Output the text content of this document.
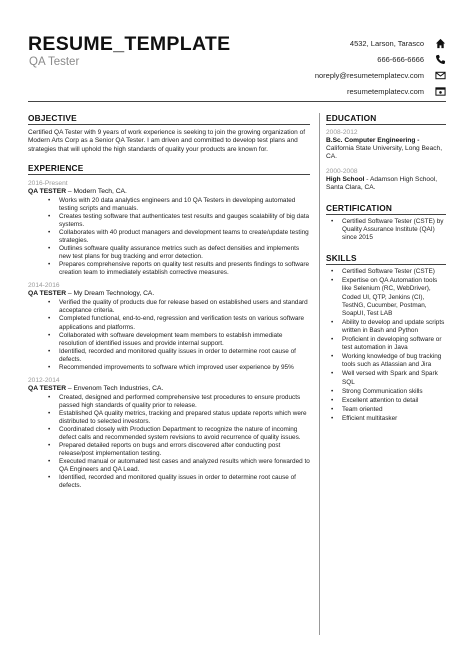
RESUME_TEMPLATE
QA Tester
4532, Larson, Tarasco
666-666-6666
noreply@resumetemplatecv.com
resumetemplatecv.com
OBJECTIVE
Certified QA Tester with 9 years of work experience is seeking to join the growing organization of Modern Arts Corp as a Senior QA Tester. I am driven and committed to develop test plans and strategies that will uphold the high standards of quality your products are known for.
EXPERIENCE
2016-Present
QA TESTER – Modern Tech, CA.
• Works with 20 data analytics engineers and 10 QA Testers in developing automated testing scripts and manuals.
• Creates testing software that authenticates test results and gauges scalability of big data systems.
• Collaborates with 40 product managers and development teams to create/update testing strategies.
• Outlines software quality assurance metrics such as defect densities and implements new test plans for bug tracking and error detection.
• Prepares comprehensive reports on quality test results and presents findings to software creation team to immediately establish corrective measures.
2014-2016
QA TESTER – My Dream Technology, CA.
• Verified the quality of products due for release based on established users and standard acceptance criteria.
• Completed functional, end-to-end, regression and verification tests on various software applications and platforms.
• Collaborated with software development team members to establish immediate resolution of identified issues and provide internal support.
• Identified, recorded and monitored quality issues in order to determine root cause of defects.
• Recommended improvements to software which improved user experience by 95%
2012-2014
QA TESTER – Envenom Tech Industries, CA.
• Created, designed and performed comprehensive test procedures to ensure products passed high standards of quality prior to release.
• Established QA quality metrics, tracking and prepared status update reports which were distributed to selected investors.
• Coordinated closely with Production Department to recognize the nature of incoming defect calls and recommended system revisions to avoid recurrence of quality issues.
• Prepared detailed reports on bugs and errors discovered after conducting post release/post implementation testing.
• Executed manual or automated test cases and analyzed results which were forwarded to QA Engineers and QA Lead.
• Identified, recorded and monitored quality issues in order to determine root cause of defects.
EDUCATION
2008-2012
B.Sc. Computer Engineering - California State University, Long Beach, CA.
2000-2008
High School - Adamson High School, Santa Clara, CA.
CERTIFICATION
• Certified Software Tester (CSTE) by Quality Assurance Institute (QAI) since 2015
SKILLS
• Certified Software Tester (CSTE)
• Expertise on QA Automation tools like Selenium (RC, WebDriver), Coded UI, QTP, Jenkins (CI), TestNG, Cucumber, Postman, SoapUI, Test LAB
• Ability to develop and update scripts written in Bash and Python
• Proficient in developing software or test automation in Java
• Working knowledge of bug tracking tools such as Atlassian and Jira
• Well versed with Spark and Spark SQL
• Strong Communication skills
• Excellent attention to detail
• Team oriented
• Efficient multitasker
